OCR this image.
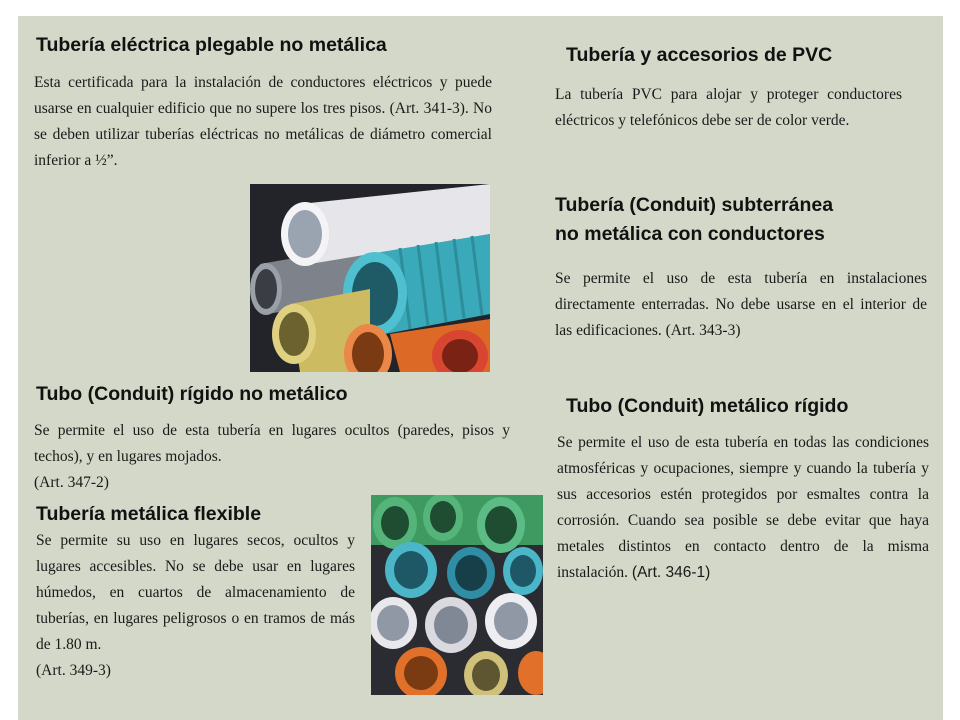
Tubería eléctrica plegable no metálica

Esta certificada para la instalación de conductores eléctricos y puede usarse en cualquier edificio que no supere los tres pisos. (Art. 341-3). No se deben utilizar tuberías eléctricas no metálicas de diámetro comercial inferior a ½”.

Tubería y accesorios de PVC

La tubería PVC para alojar y proteger conductores eléctricos y telefónicos debe ser de color verde.

Tubería (Conduit) subterránea
no metálica con conductores

Se permite el uso de esta tubería en instalaciones directamente enterradas. No debe usarse en el interior de las edificaciones. (Art. 343-3)

Tubo (Conduit) rígido no metálico

Se permite el uso de esta tubería en lugares ocultos (paredes, pisos y techos), y en lugares mojados.
(Art. 347-2)

Tubo (Conduit) metálico rígido

Se permite el uso de esta tubería en todas las condiciones atmosféricas y ocupaciones, siempre y cuando la tubería y sus accesorios estén protegidos por esmaltes contra la corrosión. Cuando sea posible se debe evitar que haya metales distintos en contacto dentro de la misma instalación. (Art. 346-1)

Tubería metálica flexible

Se permite su uso en lugares secos, ocultos y lugares accesibles. No se debe usar en lugares húmedos, en cuartos de almacenamiento de tuberías, en lugares peligrosos o en tramos de más de 1.80 m.
(Art. 349-3)
